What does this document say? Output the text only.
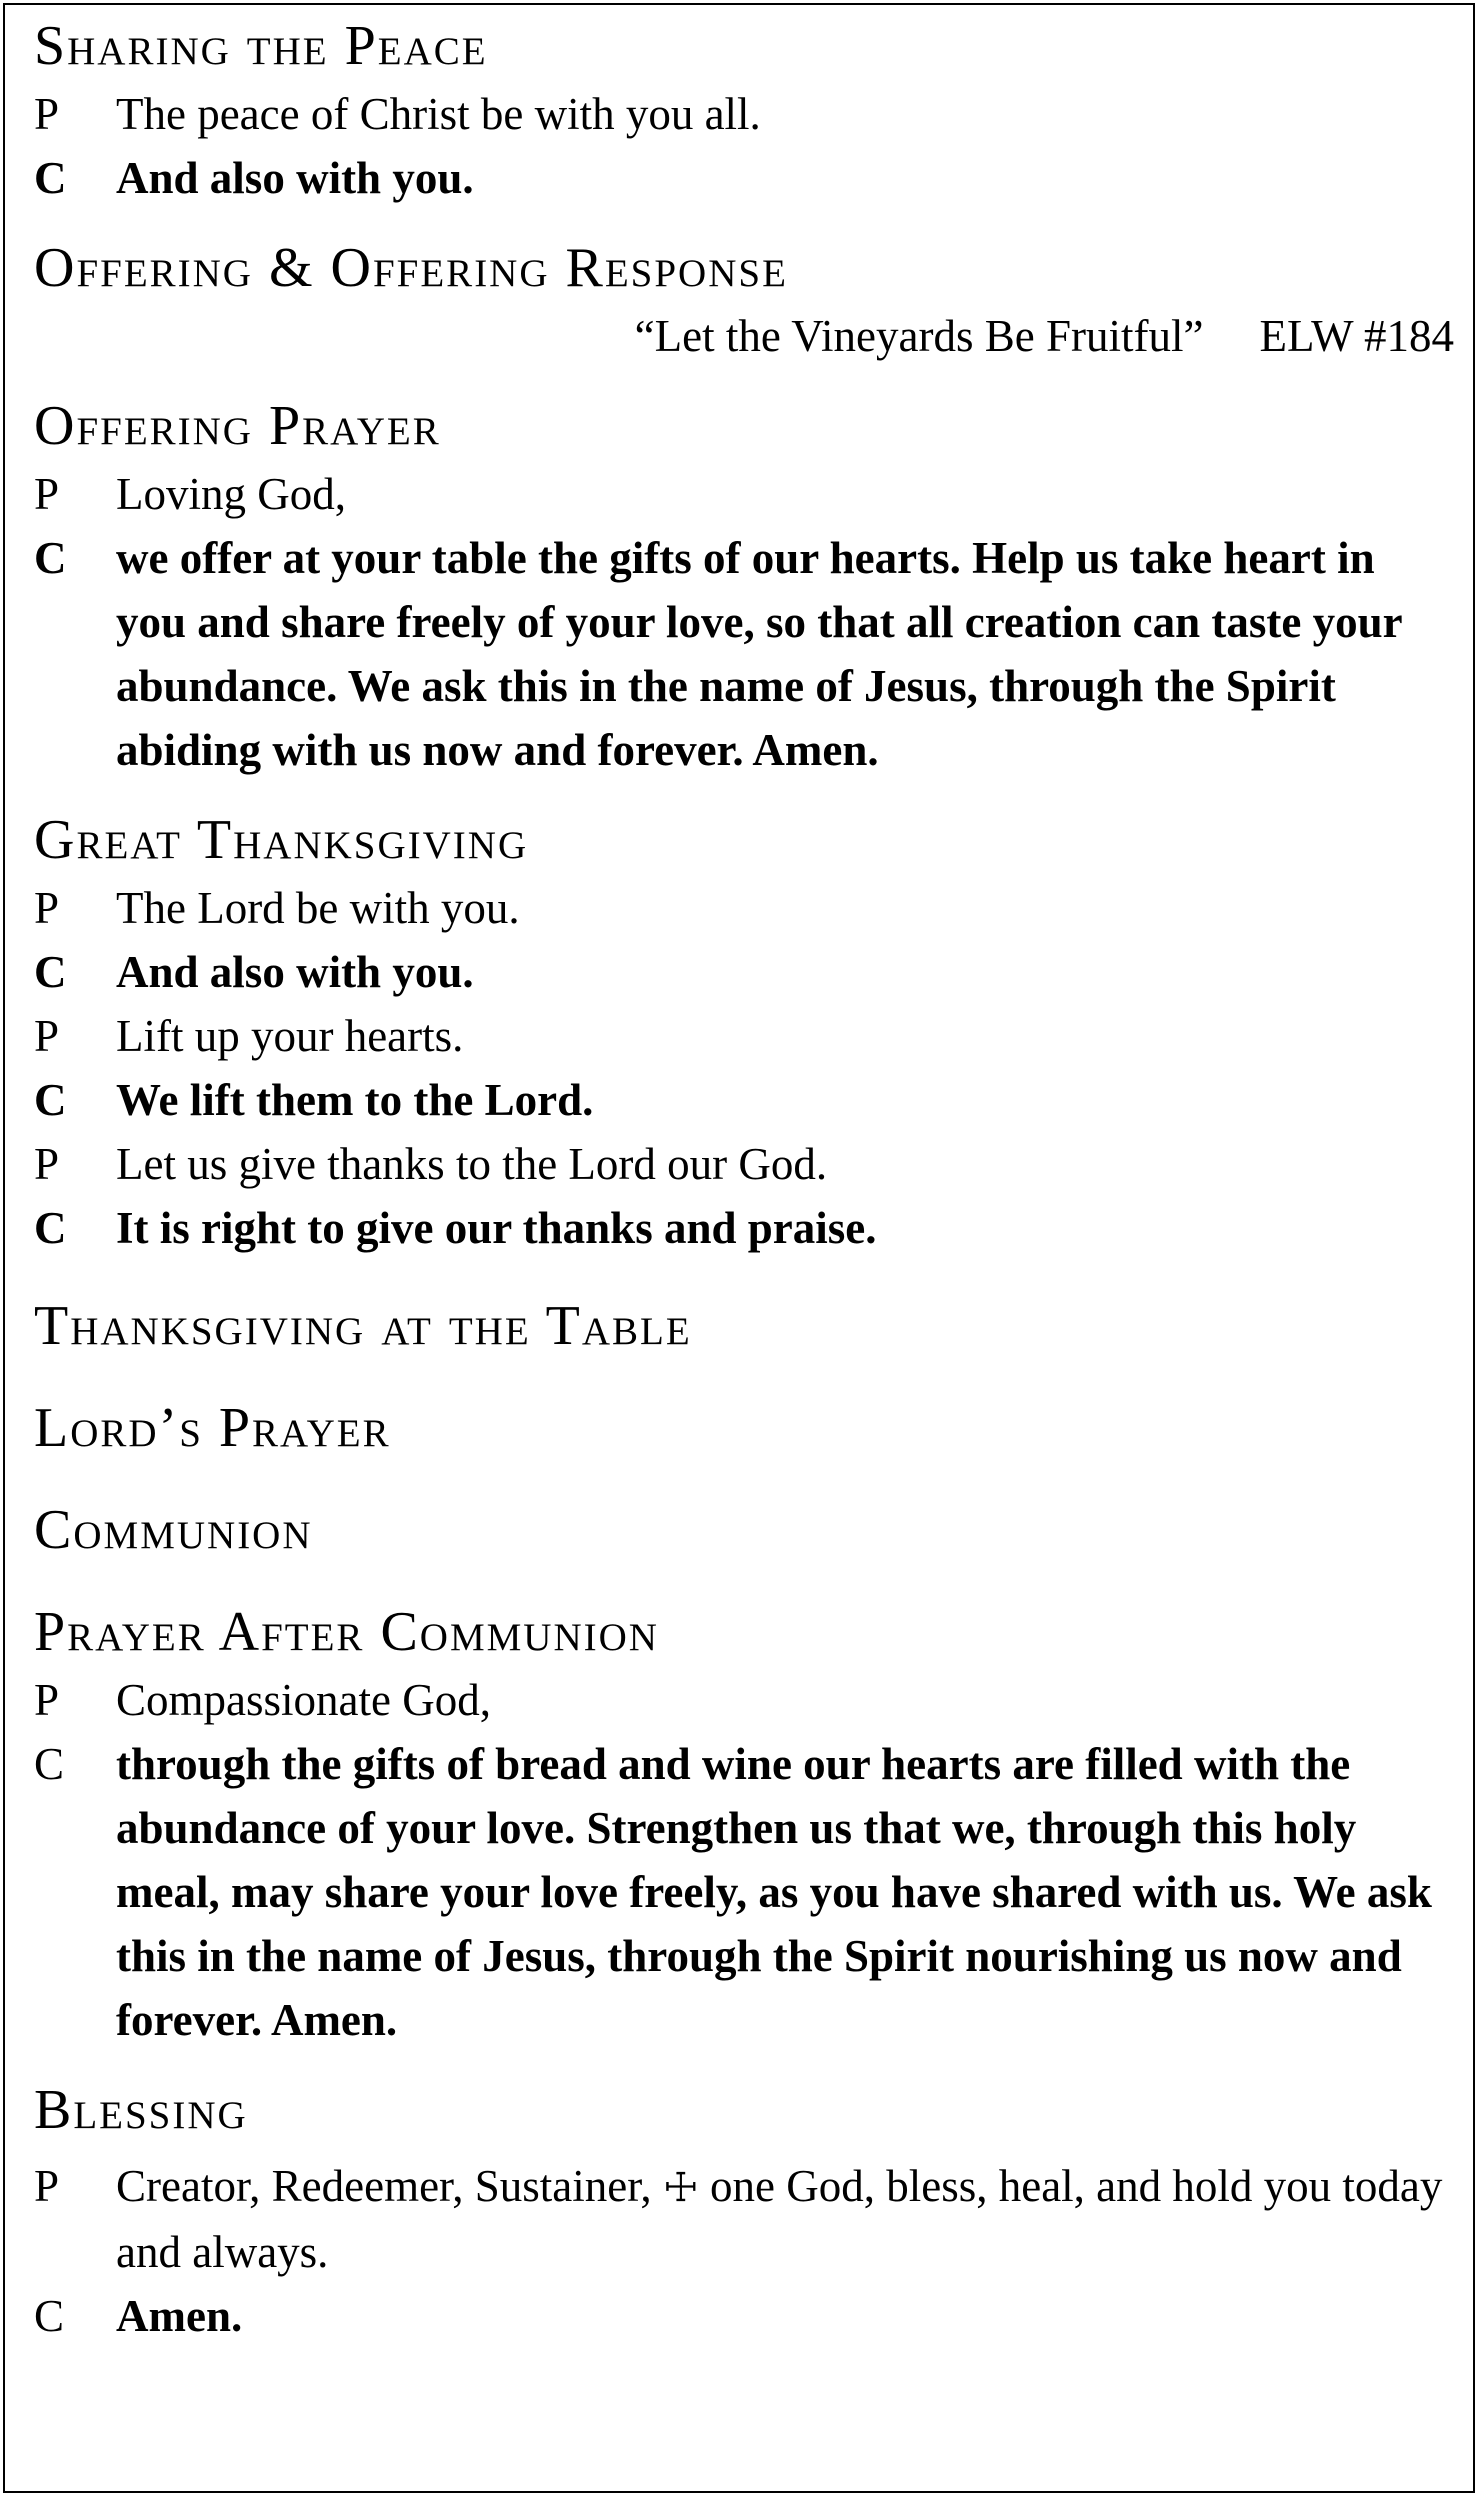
Sharing the Peace
P	The peace of Christ be with you all.
C	And also with you.
Offering & Offering Response
“Let the Vineyards Be Fruitful” ELW #184
Offering Prayer
P	Loving God,
C	we offer at your table the gifts of our hearts. Help us take heart in you and share freely of your love, so that all creation can taste your abundance. We ask this in the name of Jesus, through the Spirit abiding with us now and forever. Amen.
Great Thanksgiving
P	The Lord be with you.
C	And also with you.
P	Lift up your hearts.
C	We lift them to the Lord.
P	Let us give thanks to the Lord our God.
C	It is right to give our thanks and praise.
Thanksgiving at the Table
Lord’s Prayer
Communion
Prayer After Communion
P	Compassionate God,
C	through the gifts of bread and wine our hearts are filled with the abundance of your love. Strengthen us that we, through this holy meal, may share your love freely, as you have shared with us. We ask this in the name of Jesus, through the Spirit nourishing us now and forever. Amen.
Blessing
P	Creator, Redeemer, Sustainer, ☩ one God, bless, heal, and hold you today and always.
C	Amen.
